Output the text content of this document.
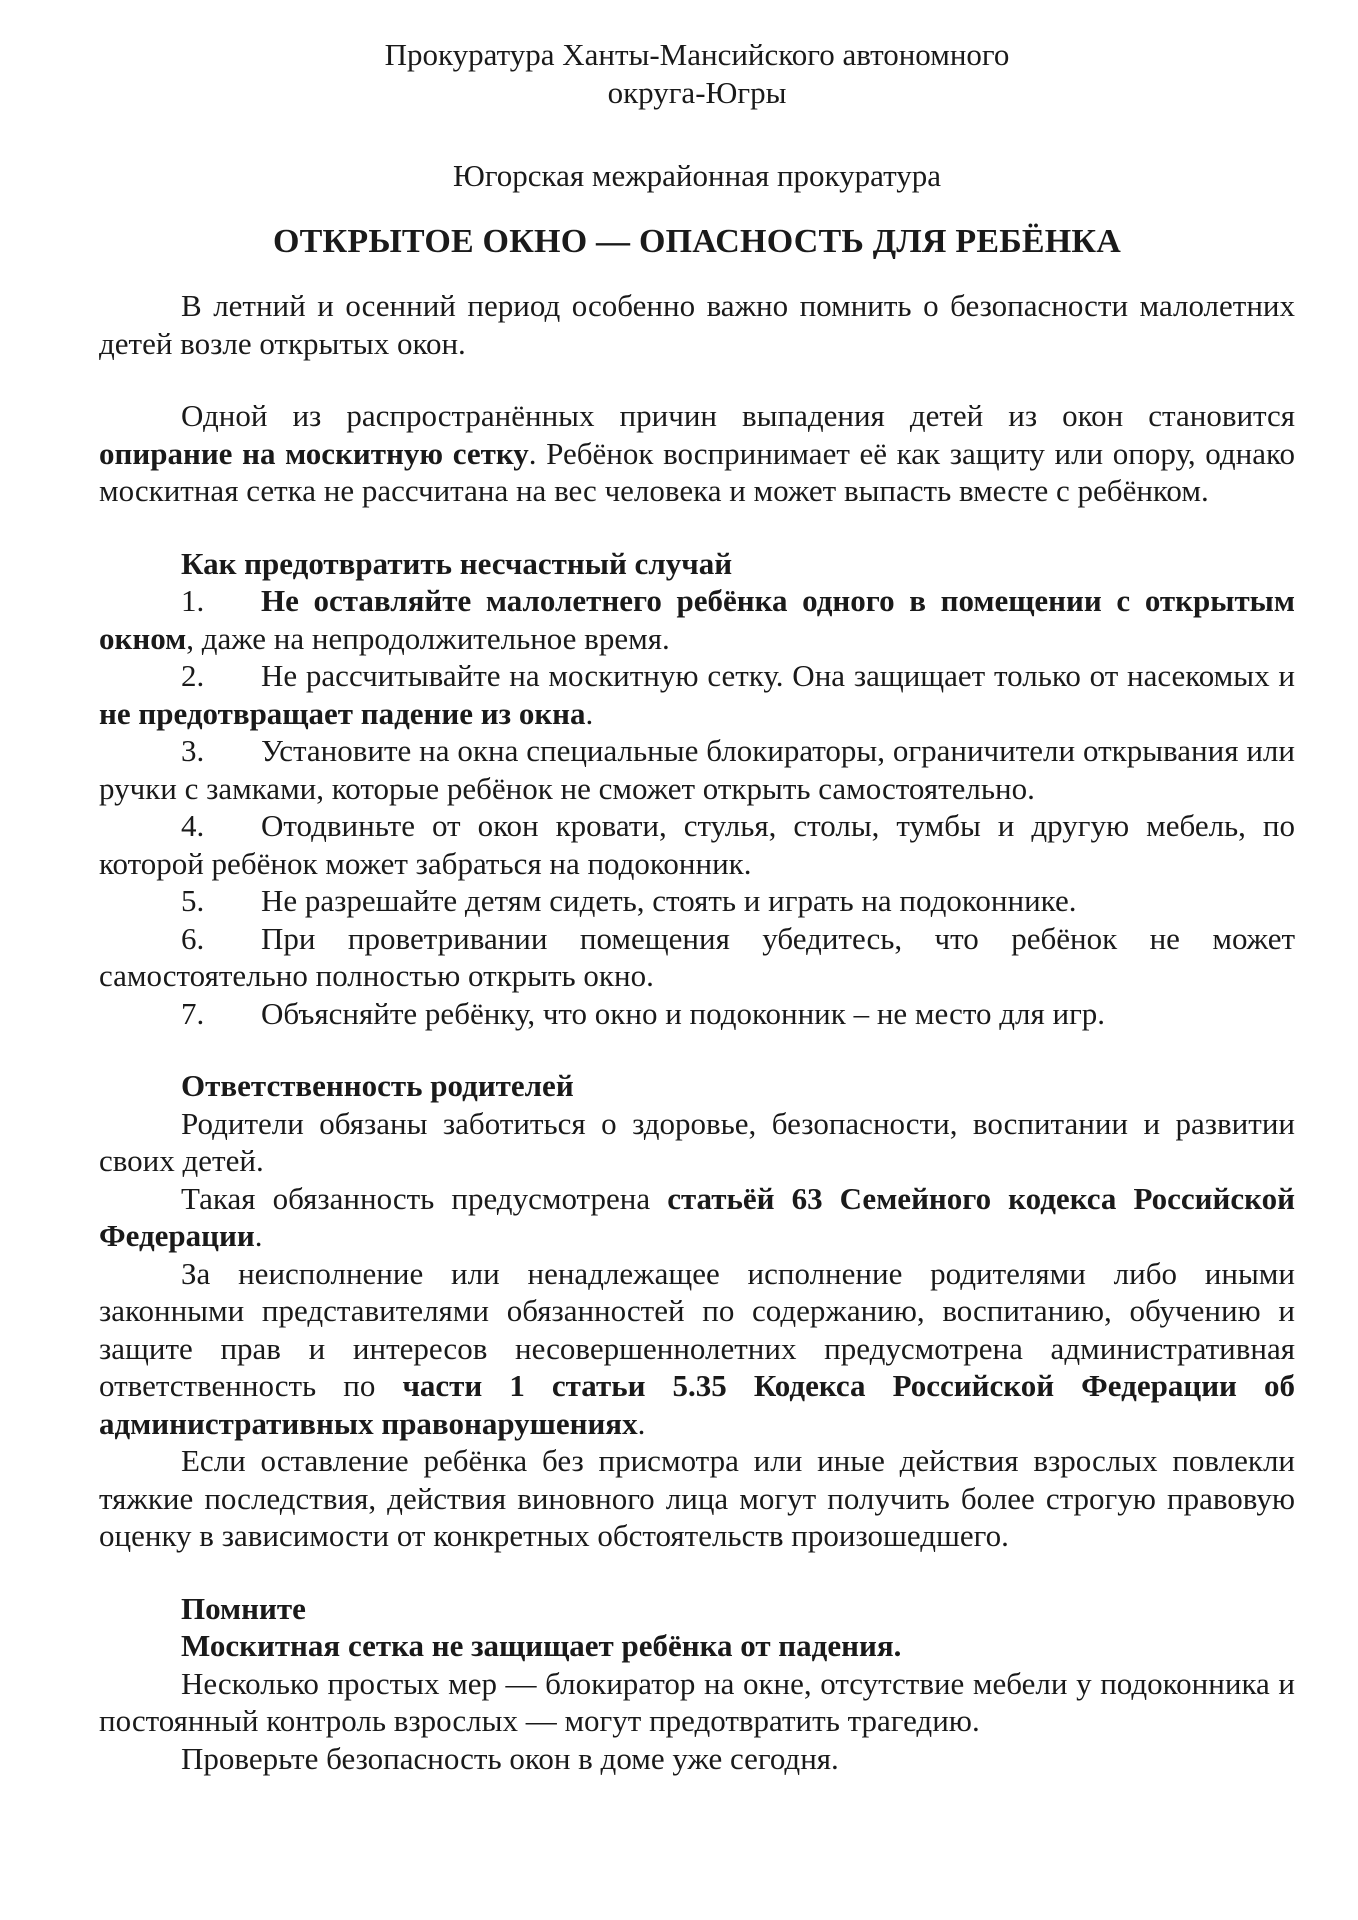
Прокуратура Ханты-Мансийского автономного

округа-Югры

Югорская межрайонная прокуратура

ОТКРЫТОЕ ОКНО — ОПАСНОСТЬ ДЛЯ РЕБЁНКА

В летний и осенний период особенно важно помнить о безопасности малолетних детей возле открытых окон.

Одной из распространённых причин выпадения детей из окон становится опирание на москитную сетку. Ребёнок воспринимает её как защиту или опору, однако москитная сетка не рассчитана на вес человека и может выпасть вместе с ребёнком.

Как предотвратить несчастный случай

1. Не оставляйте малолетнего ребёнка одного в помещении с открытым окном, даже на непродолжительное время.

2. Не рассчитывайте на москитную сетку. Она защищает только от насекомых и не предотвращает падение из окна.

3. Установите на окна специальные блокираторы, ограничители открывания или ручки с замками, которые ребёнок не сможет открыть самостоятельно.

4. Отодвиньте от окон кровати, стулья, столы, тумбы и другую мебель, по которой ребёнок может забраться на подоконник.

5. Не разрешайте детям сидеть, стоять и играть на подоконнике.

6. При проветривании помещения убедитесь, что ребёнок не может самостоятельно полностью открыть окно.

7. Объясняйте ребёнку, что окно и подоконник – не место для игр.

Ответственность родителей

Родители обязаны заботиться о здоровье, безопасности, воспитании и развитии своих детей.

Такая обязанность предусмотрена статьёй 63 Семейного кодекса Российской Федерации.

За неисполнение или ненадлежащее исполнение родителями либо иными законными представителями обязанностей по содержанию, воспитанию, обучению и защите прав и интересов несовершеннолетних предусмотрена административная ответственность по части 1 статьи 5.35 Кодекса Российской Федерации об административных правонарушениях.

Если оставление ребёнка без присмотра или иные действия взрослых повлекли тяжкие последствия, действия виновного лица могут получить более строгую правовую оценку в зависимости от конкретных обстоятельств произошедшего.

Помните

Москитная сетка не защищает ребёнка от падения.

Несколько простых мер — блокиратор на окне, отсутствие мебели у подоконника и постоянный контроль взрослых — могут предотвратить трагедию.

Проверьте безопасность окон в доме уже сегодня.
